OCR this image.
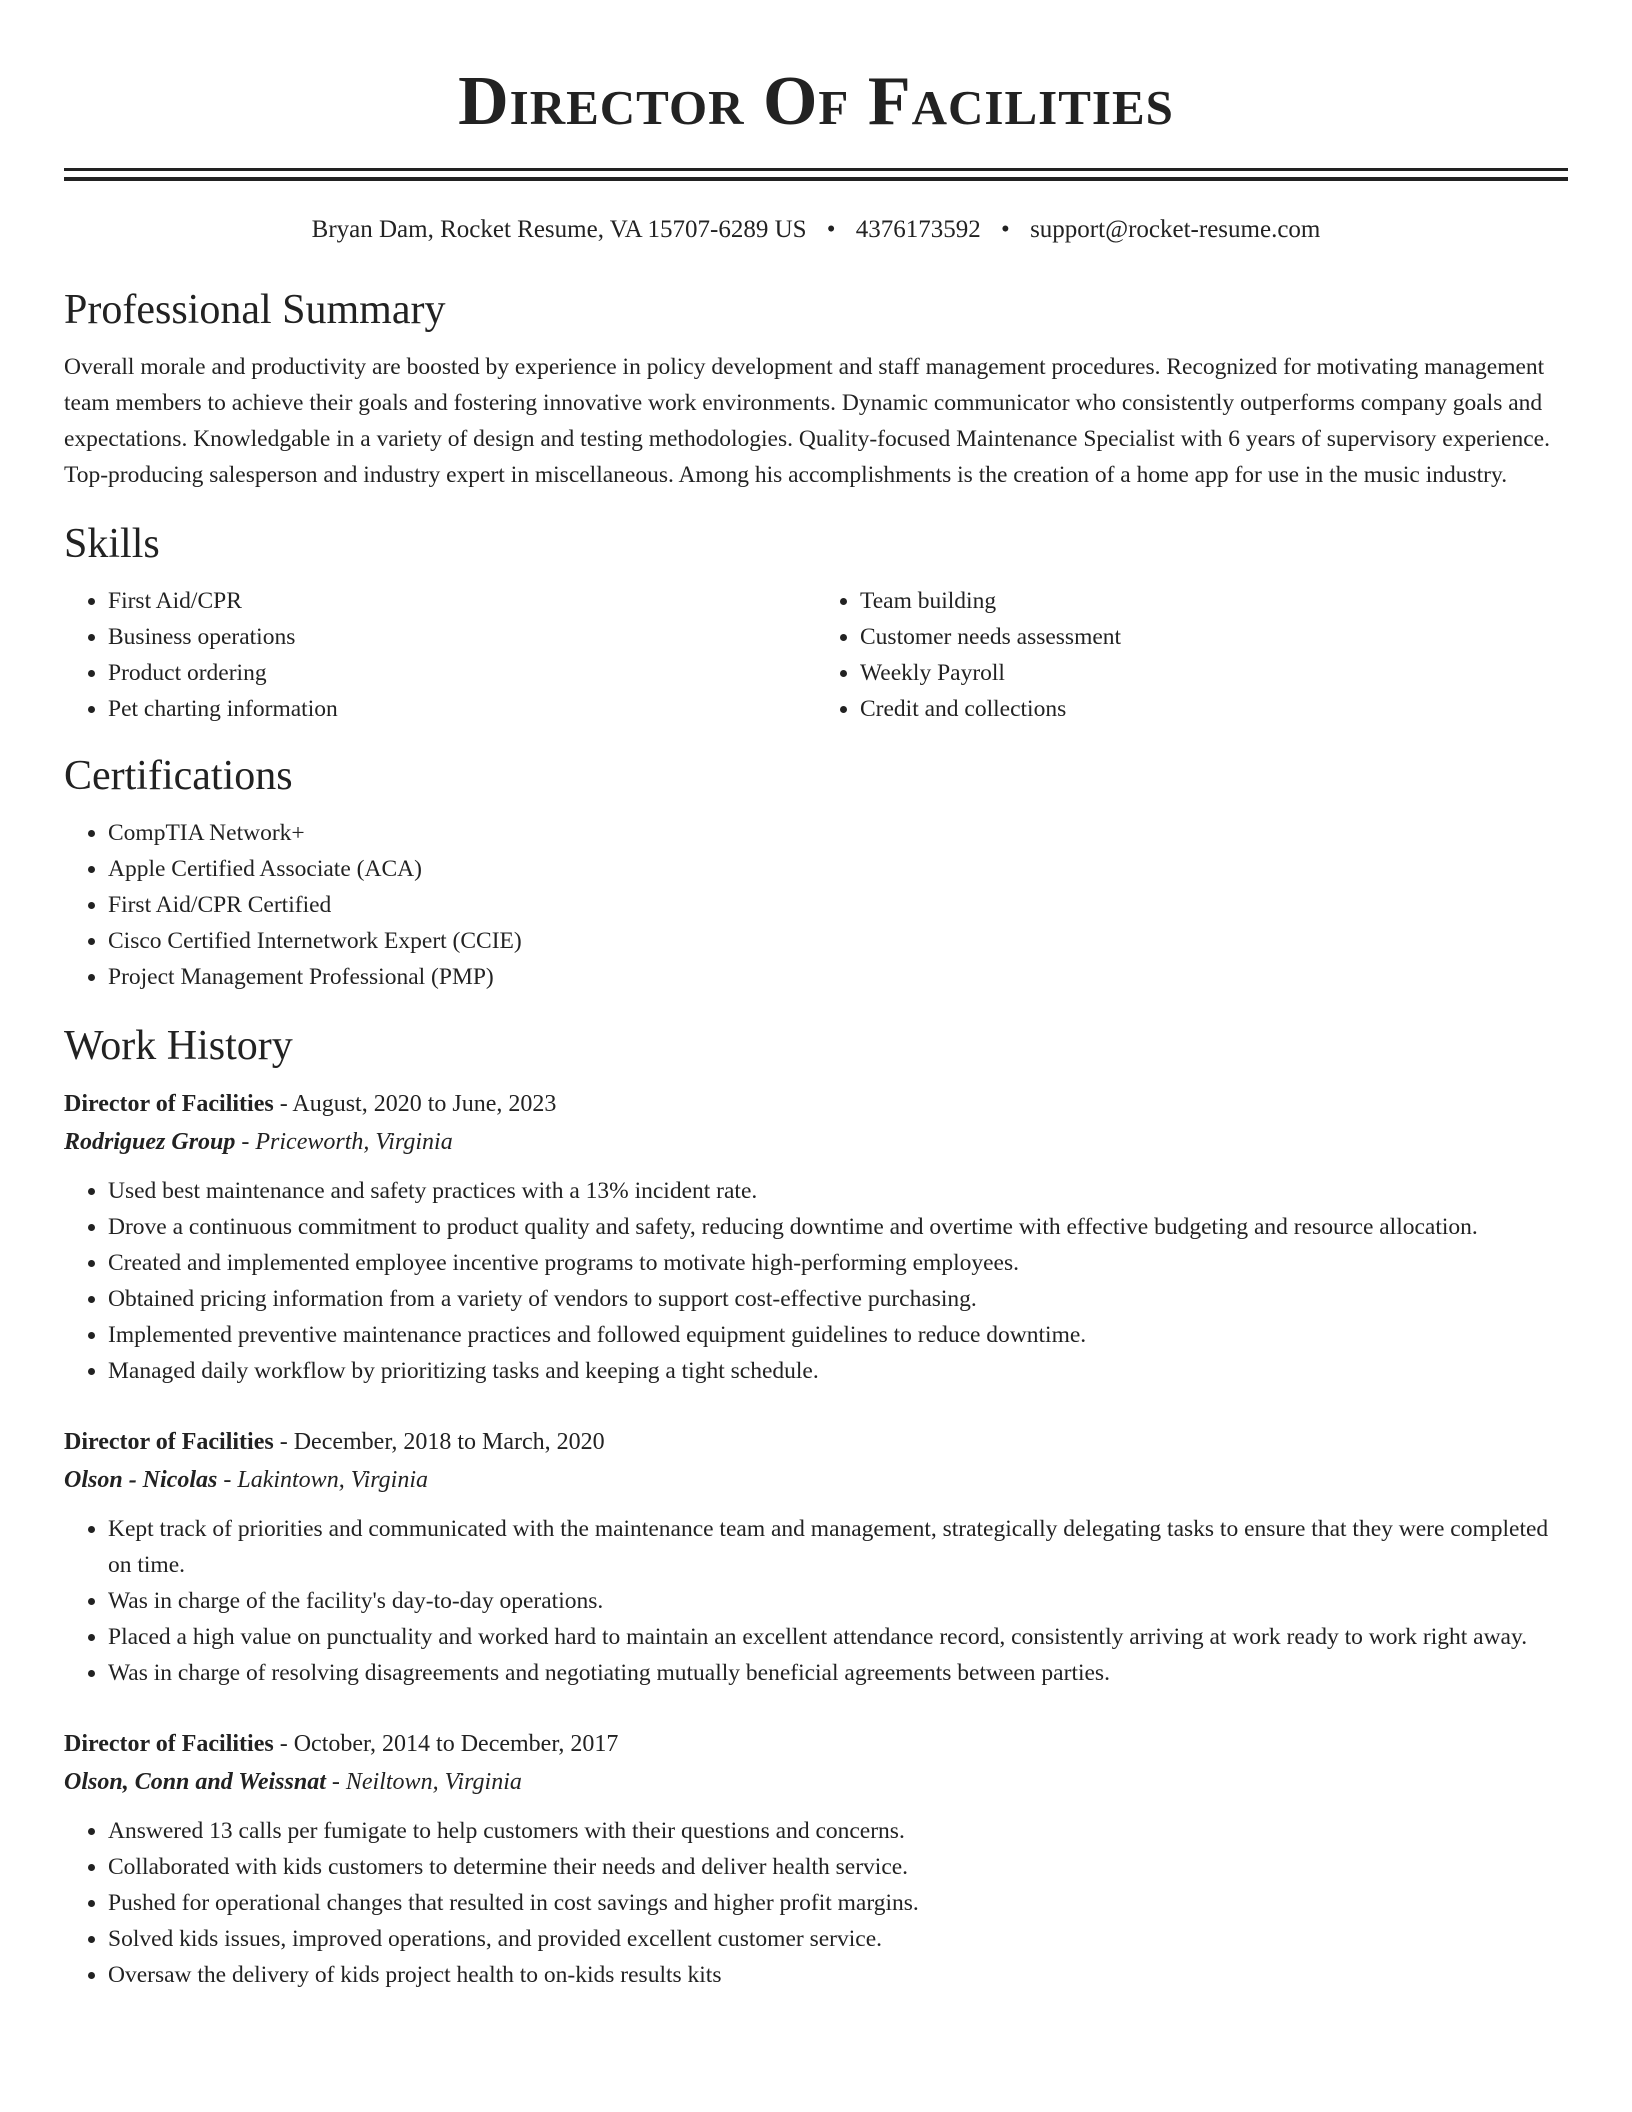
Director Of Facilities
Bryan Dam, Rocket Resume, VA 15707-6289 US • 4376173592 • support@rocket-resume.com
Professional Summary

Overall morale and productivity are boosted by experience in policy development and staff management procedures. Recognized for motivating management team members to achieve their goals and fostering innovative work environments. Dynamic communicator who consistently outperforms company goals and expectations. Knowledgable in a variety of design and testing methodologies. Quality-focused Maintenance Specialist with 6 years of supervisory experience. Top-producing salesperson and industry expert in miscellaneous. Among his accomplishments is the creation of a home app for use in the music industry.

Skills
• First Aid/CPR
• Business operations
• Product ordering
• Pet charting information
• Team building
• Customer needs assessment
• Weekly Payroll
• Credit and collections
Certifications
• CompTIA Network+
• Apple Certified Associate (ACA)
• First Aid/CPR Certified
• Cisco Certified Internetwork Expert (CCIE)
• Project Management Professional (PMP)
Work History
Director of Facilities - August, 2020 to June, 2023
Rodriguez Group - Priceworth, Virginia
• Used best maintenance and safety practices with a 13% incident rate.
• Drove a continuous commitment to product quality and safety, reducing downtime and overtime with effective budgeting and resource allocation.
• Created and implemented employee incentive programs to motivate high-performing employees.
• Obtained pricing information from a variety of vendors to support cost-effective purchasing.
• Implemented preventive maintenance practices and followed equipment guidelines to reduce downtime.
• Managed daily workflow by prioritizing tasks and keeping a tight schedule.
Director of Facilities - December, 2018 to March, 2020
Olson - Nicolas - Lakintown, Virginia
• Kept track of priorities and communicated with the maintenance team and management, strategically delegating tasks to ensure that they were completed on time.
• Was in charge of the facility's day-to-day operations.
• Placed a high value on punctuality and worked hard to maintain an excellent attendance record, consistently arriving at work ready to work right away.
• Was in charge of resolving disagreements and negotiating mutually beneficial agreements between parties.
Director of Facilities - October, 2014 to December, 2017
Olson, Conn and Weissnat - Neiltown, Virginia
• Answered 13 calls per fumigate to help customers with their questions and concerns.
• Collaborated with kids customers to determine their needs and deliver health service.
• Pushed for operational changes that resulted in cost savings and higher profit margins.
• Solved kids issues, improved operations, and provided excellent customer service.
• Oversaw the delivery of kids project health to on-kids results kits
